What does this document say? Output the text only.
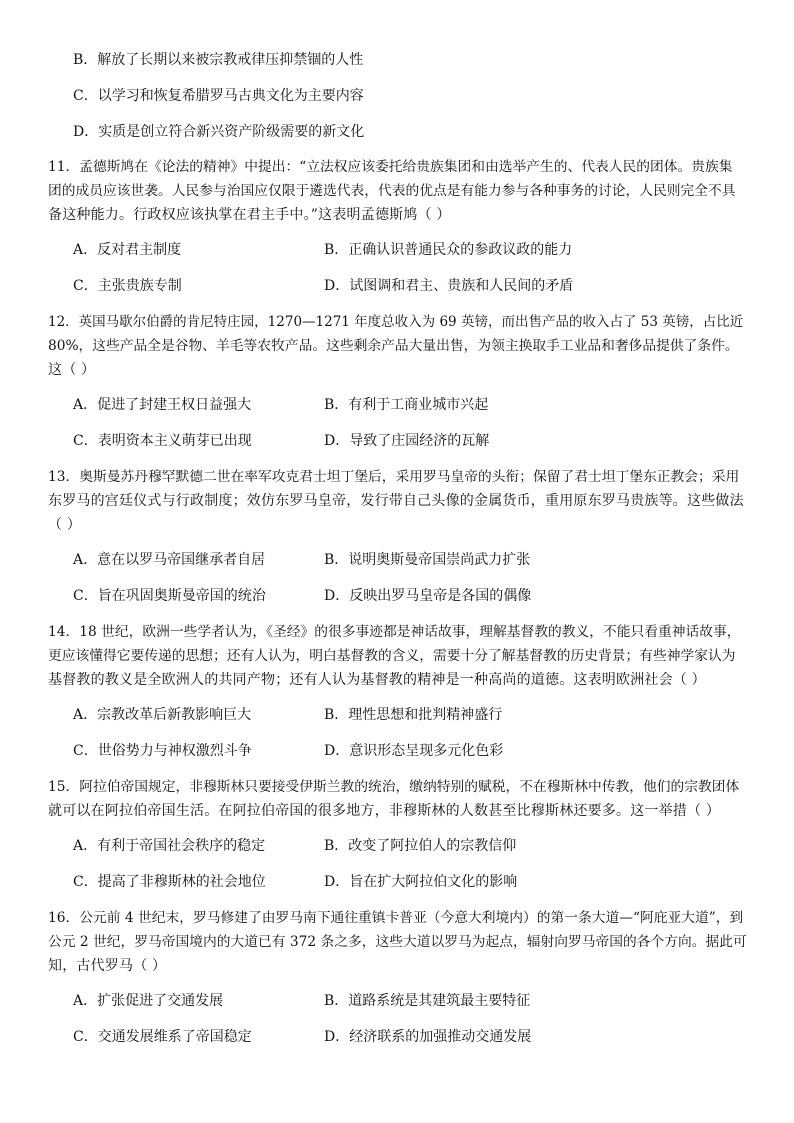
B．解放了长期以来被宗教戒律压抑禁锢的人性
C．以学习和恢复希腊罗马古典文化为主要内容
D．实质是创立符合新兴资产阶级需要的新文化
11．孟德斯鸠在《论法的精神》中提出：“立法权应该委托给贵族集团和由选举产生的、代表人民的团体。贵族集
团的成员应该世袭。人民参与治国应仅限于遴选代表，代表的优点是有能力参与各种事务的讨论，人民则完全不具
备这种能力。行政权应该执掌在君主手中。”这表明孟德斯鸠（ ）
A．反对君主制度	B．正确认识普通民众的参政议政的能力
C．主张贵族专制	D．试图调和君主、贵族和人民间的矛盾
12．英国马歇尔伯爵的肯尼特庄园，1270—1271 年度总收入为 69 英镑，而出售产品的收入占了 53 英镑，占比近
80%，这些产品全是谷物、羊毛等农牧产品。这些剩余产品大量出售，为领主换取手工业品和奢侈品提供了条件。
这（ ）
A．促进了封建王权日益强大	B．有利于工商业城市兴起
C．表明资本主义萌芽已出现	D．导致了庄园经济的瓦解
13．奥斯曼苏丹穆罕默德二世在率军攻克君士坦丁堡后，采用罗马皇帝的头衔；保留了君士坦丁堡东正教会；采用
东罗马的宫廷仪式与行政制度；效仿东罗马皇帝，发行带自己头像的金属货币，重用原东罗马贵族等。这些做法
（ ）
A．意在以罗马帝国继承者自居	B．说明奥斯曼帝国崇尚武力扩张
C．旨在巩固奥斯曼帝国的统治	D．反映出罗马皇帝是各国的偶像
14．18 世纪，欧洲一些学者认为，《圣经》的很多事迹都是神话故事，理解基督教的教义，不能只看重神话故事，
更应该懂得它要传递的思想；还有人认为，明白基督教的含义，需要十分了解基督教的历史背景；有些神学家认为
基督教的教义是全欧洲人的共同产物；还有人认为基督教的精神是一种高尚的道德。这表明欧洲社会（ ）
A．宗教改革后新教影响巨大	B．理性思想和批判精神盛行
C．世俗势力与神权激烈斗争	D．意识形态呈现多元化色彩
15．阿拉伯帝国规定，非穆斯林只要接受伊斯兰教的统治，缴纳特别的赋税，不在穆斯林中传教，他们的宗教团体
就可以在阿拉伯帝国生活。在阿拉伯帝国的很多地方，非穆斯林的人数甚至比穆斯林还要多。这一举措（ ）
A．有利于帝国社会秩序的稳定	B．改变了阿拉伯人的宗教信仰
C．提高了非穆斯林的社会地位	D．旨在扩大阿拉伯文化的影响
16．公元前 4 世纪末，罗马修建了由罗马南下通往重镇卡普亚（今意大利境内）的第一条大道—“阿庇亚大道”，到
公元 2 世纪，罗马帝国境内的大道已有 372 条之多，这些大道以罗马为起点，辐射向罗马帝国的各个方向。据此可
知，古代罗马（ ）
A．扩张促进了交通发展	B．道路系统是其建筑最主要特征
C．交通发展维系了帝国稳定	D．经济联系的加强推动交通发展
